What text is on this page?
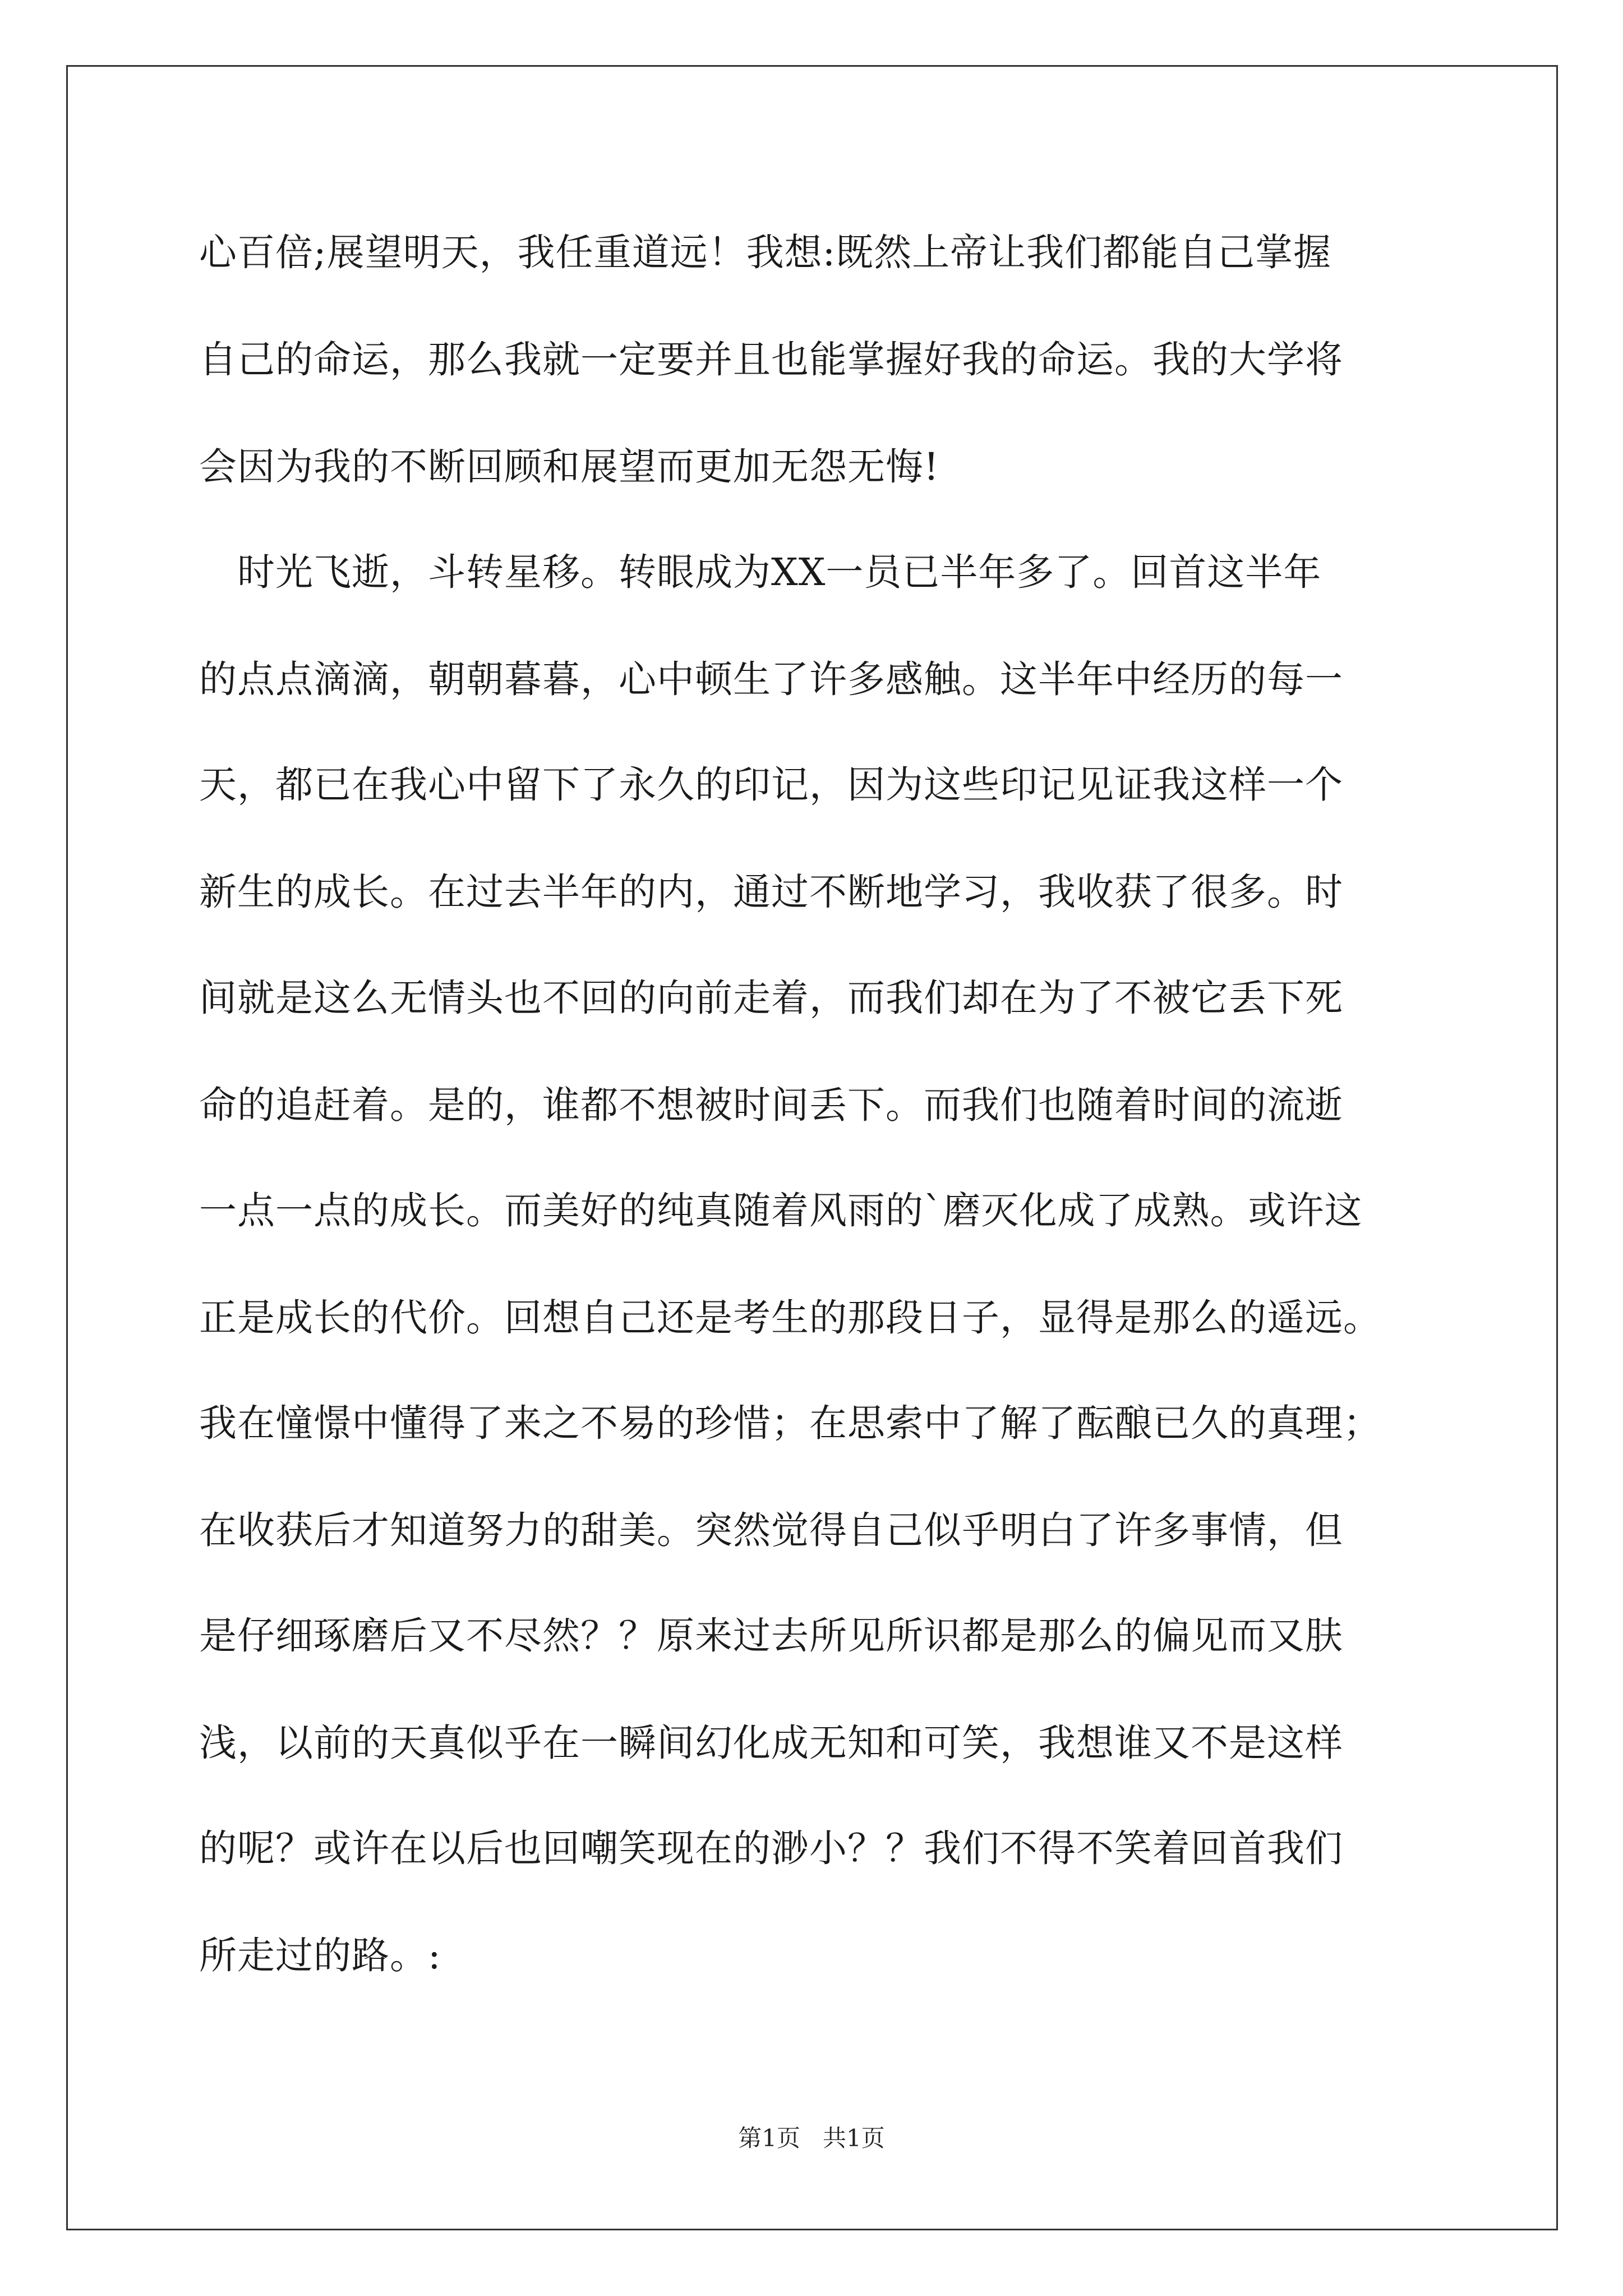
心百倍;展望明天，我任重道远！我想:既然上帝让我们都能自己掌握
自己的命运，那么我就一定要并且也能掌握好我的命运。我的大学将
会因为我的不断回顾和展望而更加无怨无悔!
　时光飞逝，斗转星移。转眼成为XX一员已半年多了。回首这半年
的点点滴滴，朝朝暮暮，心中顿生了许多感触。这半年中经历的每一
天，都已在我心中留下了永久的印记，因为这些印记见证我这样一个
新生的成长。在过去半年的内，通过不断地学习，我收获了很多。时
间就是这么无情头也不回的向前走着，而我们却在为了不被它丢下死
命的追赶着。是的，谁都不想被时间丢下。而我们也随着时间的流逝
一点一点的成长。而美好的纯真随着风雨的`磨灭化成了成熟。或许这
正是成长的代价。回想自己还是考生的那段日子，显得是那么的遥远。
我在憧憬中懂得了来之不易的珍惜；在思索中了解了酝酿已久的真理；
在收获后才知道努力的甜美。突然觉得自己似乎明白了许多事情，但
是仔细琢磨后又不尽然？？原来过去所见所识都是那么的偏见而又肤
浅，以前的天真似乎在一瞬间幻化成无知和可笑，我想谁又不是这样
的呢？或许在以后也回嘲笑现在的渺小？？我们不得不笑着回首我们
所走过的路。:
第1页   共1页
